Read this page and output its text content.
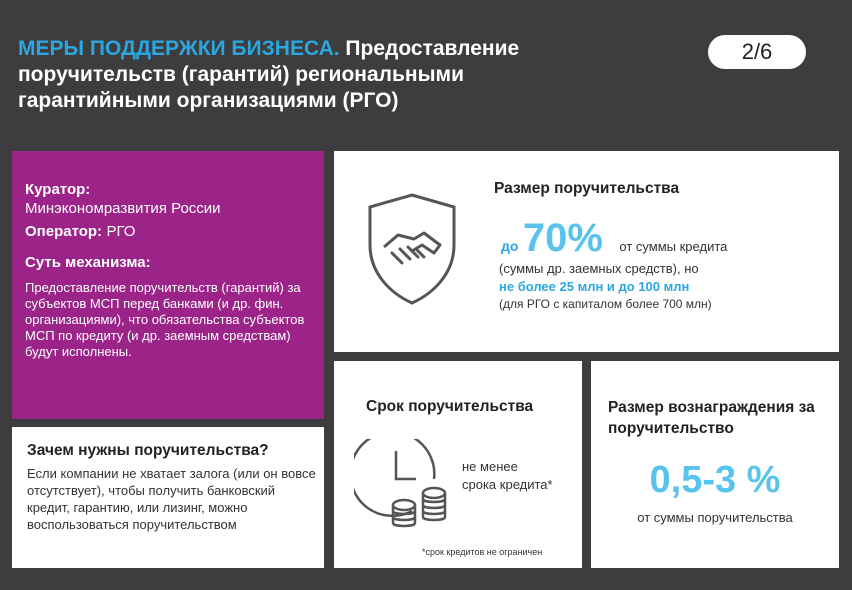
МЕРЫ ПОДДЕРЖКИ БИЗНЕСА. Предоставление поручительств (гарантий) региональными гарантийными организациями (РГО)
2/6
Куратор:
Минэкономразвития России
Оператор: РГО
Суть механизма:
Предоставление поручительств (гарантий) за субъектов МСП перед банками (и др. фин. организациями), что обязательства субъектов МСП по кредиту (и др. заемным средствам) будут исполнены.
Зачем нужны поручительства?
Если компании не хватает залога (или он вовсе отсутствует), чтобы получить банковский кредит, гарантию, или лизинг, можно воспользоваться поручительством
Размер поручительства
до 70% от суммы кредита
(суммы др. заемных средств), но
не более 25 млн и до 100 млн
(для РГО с капиталом более 700 млн)
Срок поручительства
не менее
срока кредита*
*срок кредитов не ограничен
Размер вознаграждения за поручительство
0,5-3 %
от суммы поручительства
